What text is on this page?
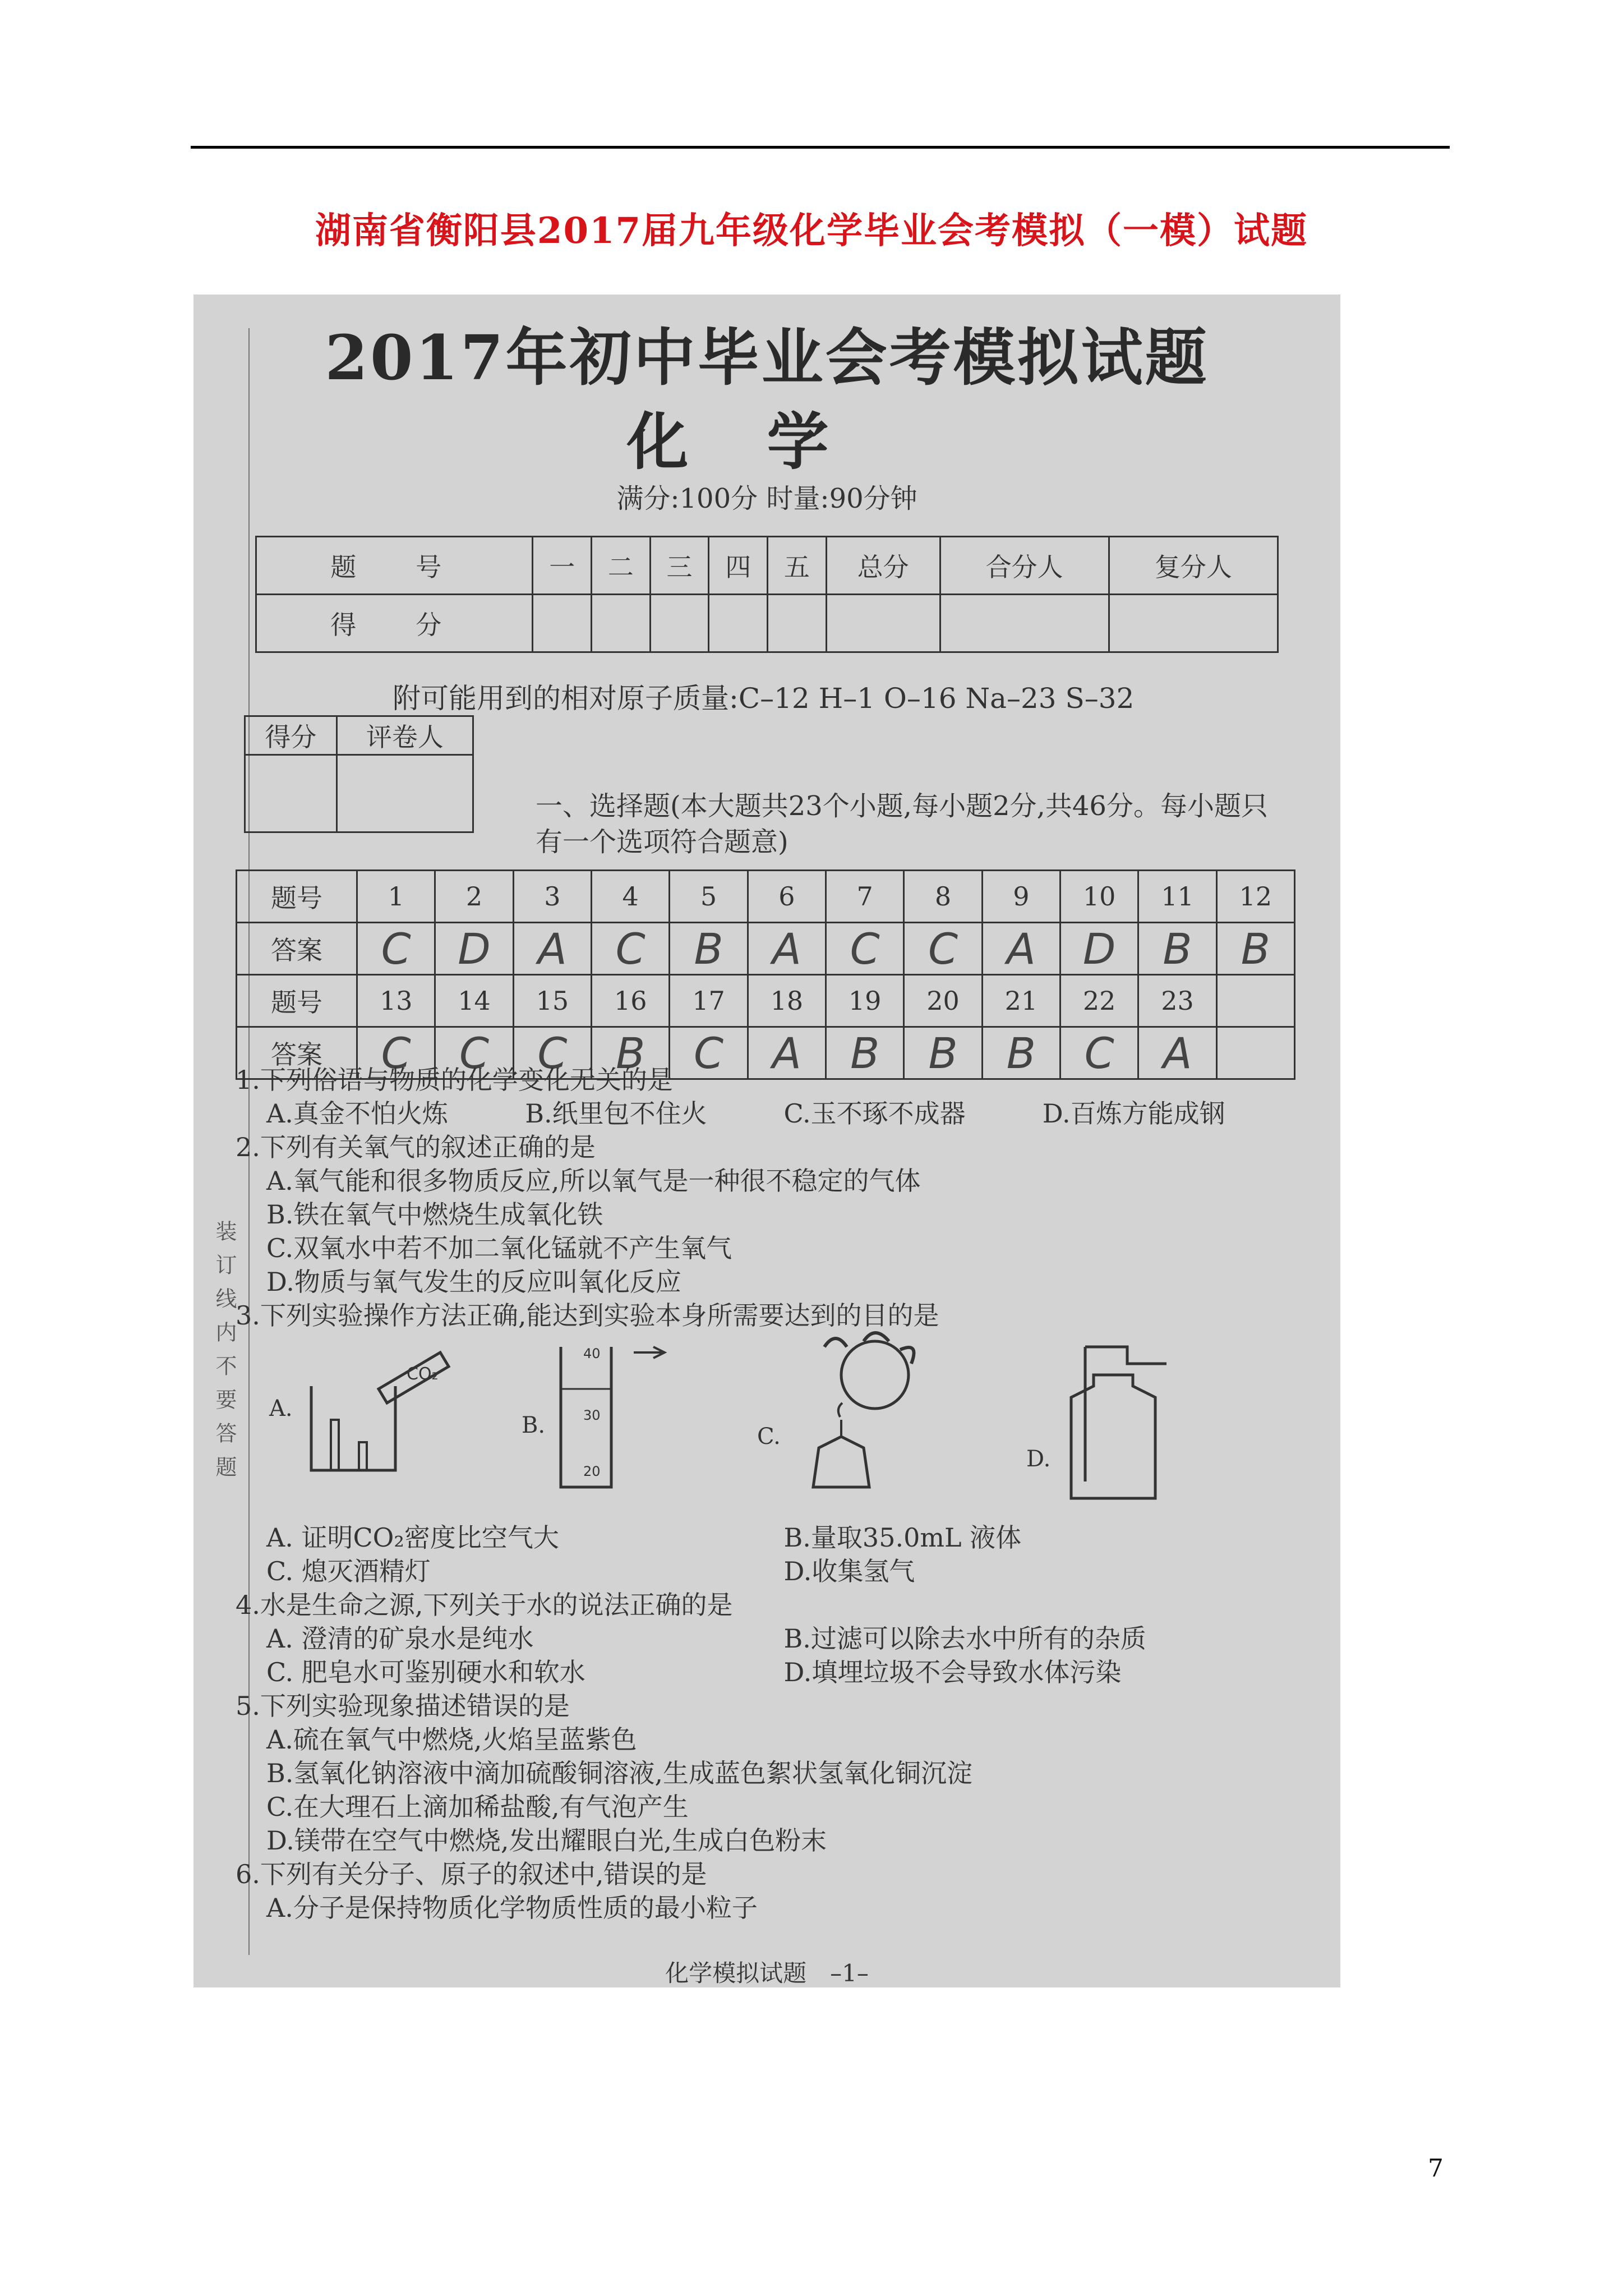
湖南省衡阳县2017届九年级化学毕业会考模拟（一模）试题
装订线内不要答题
2017年初中毕业会考模拟试题
化学
满分:100分 时量:90分钟
题　号	一	二	三	四	五	总分	合分人	复分人
得　分								
附可能用到的相对原子质量:C–12 H–1 O–16 Na–23 S–32
得分	评卷人

一、选择题(本大题共23个小题,每小题2分,共46分。每小题只有一个选项符合题意)
题号	1	2	3	4	5	6	7	8	9	10	11	12
答案	C	D	A	C	B	A	C	C	A	D	B	B
题号	13	14	15	16	17	18	19	20	21	22	23	
答案	C	C	C	B	C	A	B	B	B	C	A	
1.下列俗语与物质的化学变化无关的是
A.真金不怕火炼	B.纸里包不住火	C.玉不琢不成器	D.百炼方能成钢
2.下列有关氧气的叙述正确的是
A.氧气能和很多物质反应,所以氧气是一种很不稳定的气体
B.铁在氧气中燃烧生成氧化铁
C.双氧水中若不加二氧化锰就不产生氧气
D.物质与氧气发生的反应叫氧化反应
3.下列实验操作方法正确,能达到实验本身所需要达到的目的是
A.
CO₂
B.
40
30
20
C.
D.
A. 证明CO₂密度比空气大	B.量取35.0mL 液体
C. 熄灭酒精灯	D.收集氢气
4.水是生命之源,下列关于水的说法正确的是
A. 澄清的矿泉水是纯水	B.过滤可以除去水中所有的杂质
C. 肥皂水可鉴别硬水和软水	D.填埋垃圾不会导致水体污染
5.下列实验现象描述错误的是
A.硫在氧气中燃烧,火焰呈蓝紫色
B.氢氧化钠溶液中滴加硫酸铜溶液,生成蓝色絮状氢氧化铜沉淀
C.在大理石上滴加稀盐酸,有气泡产生
D.镁带在空气中燃烧,发出耀眼白光,生成白色粉末
6.下列有关分子、原子的叙述中,错误的是
A.分子是保持物质化学物质性质的最小粒子
化学模拟试题　–1–
7
